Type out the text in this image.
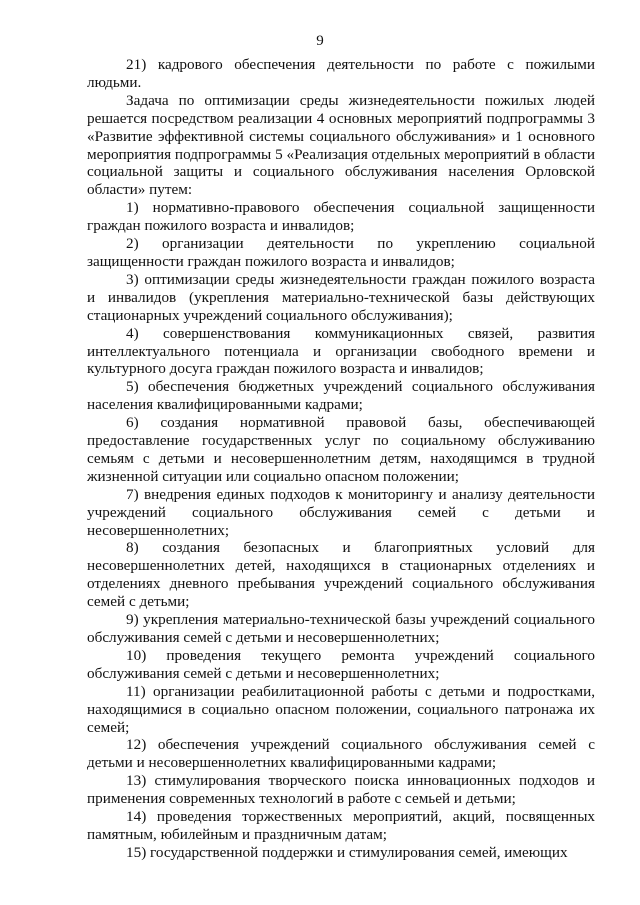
9

21) кадрового обеспечения деятельности по работе с пожилыми людьми.

Задача по оптимизации среды жизнедеятельности пожилых людей решается посредством реализации 4 основных мероприятий подпрограммы 3 «Развитие эффективной системы социального обслуживания» и 1 основного мероприятия подпрограммы 5 «Реализация отдельных мероприятий в области социальной защиты и социального обслуживания населения Орловской области» путем:

1) нормативно-правового обеспечения социальной защищенности граждан пожилого возраста и инвалидов;

2) организации деятельности по укреплению социальной защищенности граждан пожилого возраста и инвалидов;

3) оптимизации среды жизнедеятельности граждан пожилого возраста и инвалидов (укрепления материально-технической базы действующих стационарных учреждений социального обслуживания);

4) совершенствования коммуникационных связей, развития интеллектуального потенциала и организации свободного времени и культурного досуга граждан пожилого возраста и инвалидов;

5) обеспечения бюджетных учреждений социального обслуживания населения квалифицированными кадрами;

6) создания нормативной правовой базы, обеспечивающей предоставление государственных услуг по социальному обслуживанию семьям с детьми и несовершеннолетним детям, находящимся в трудной жизненной ситуации или социально опасном положении;

7) внедрения единых подходов к мониторингу и анализу деятельности учреждений социального обслуживания семей с детьми и несовершеннолетних;

8) создания безопасных и благоприятных условий для несовершеннолетних детей, находящихся в стационарных отделениях и отделениях дневного пребывания учреждений социального обслуживания семей с детьми;

9) укрепления материально-технической базы учреждений социального обслуживания семей с детьми и несовершеннолетних;

10) проведения текущего ремонта учреждений социального обслуживания семей с детьми и несовершеннолетних;

11) организации реабилитационной работы с детьми и подростками, находящимися в социально опасном положении, социального патронажа их семей;

12) обеспечения учреждений социального обслуживания семей с детьми и несовершеннолетних квалифицированными кадрами;

13) стимулирования творческого поиска инновационных подходов и применения современных технологий в работе с семьей и детьми;

14) проведения торжественных мероприятий, акций, посвященных памятным, юбилейным и праздничным датам;

15) государственной поддержки и стимулирования семей, имеющих
